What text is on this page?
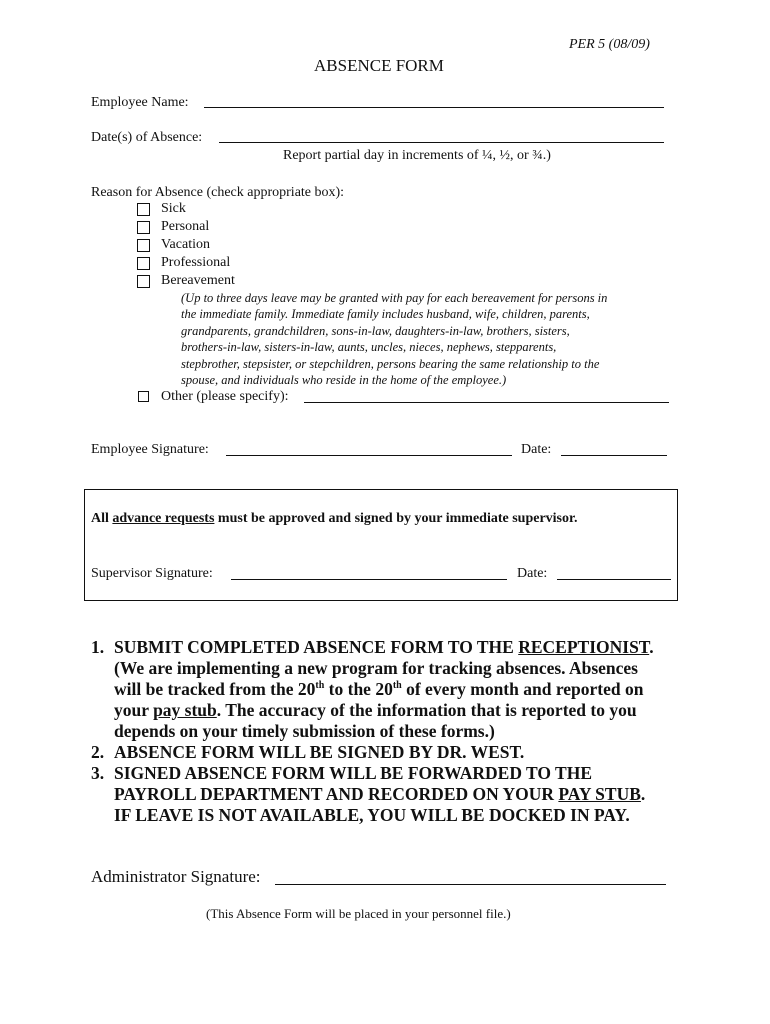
PER 5 (08/09)
ABSENCE FORM
Employee Name:
Date(s) of Absence:
Report partial day in increments of ¼, ½, or ¾.)
Reason for Absence (check appropriate box):
Sick
Personal
Vacation
Professional
Bereavement
(Up to three days leave may be granted with pay for each bereavement for persons in
the immediate family. Immediate family includes husband, wife, children, parents,
grandparents, grandchildren, sons-in-law, daughters-in-law, brothers, sisters,
brothers-in-law, sisters-in-law, aunts, uncles, nieces, nephews, stepparents,
stepbrother, stepsister, or stepchildren, persons bearing the same relationship to the
spouse, and individuals who reside in the home of the employee.)
Other (please specify):
Employee Signature:	Date:
All advance requests must be approved and signed by your immediate supervisor.
Supervisor Signature:	Date:
1. SUBMIT COMPLETED ABSENCE FORM TO THE RECEPTIONIST.
(We are implementing a new program for tracking absences. Absences
will be tracked from the 20th to the 20th of every month and reported on
your pay stub. The accuracy of the information that is reported to you
depends on your timely submission of these forms.)
2. ABSENCE FORM WILL BE SIGNED BY DR. WEST.
3. SIGNED ABSENCE FORM WILL BE FORWARDED TO THE
PAYROLL DEPARTMENT AND RECORDED ON YOUR PAY STUB.
IF LEAVE IS NOT AVAILABLE, YOU WILL BE DOCKED IN PAY.
Administrator Signature:
(This Absence Form will be placed in your personnel file.)
